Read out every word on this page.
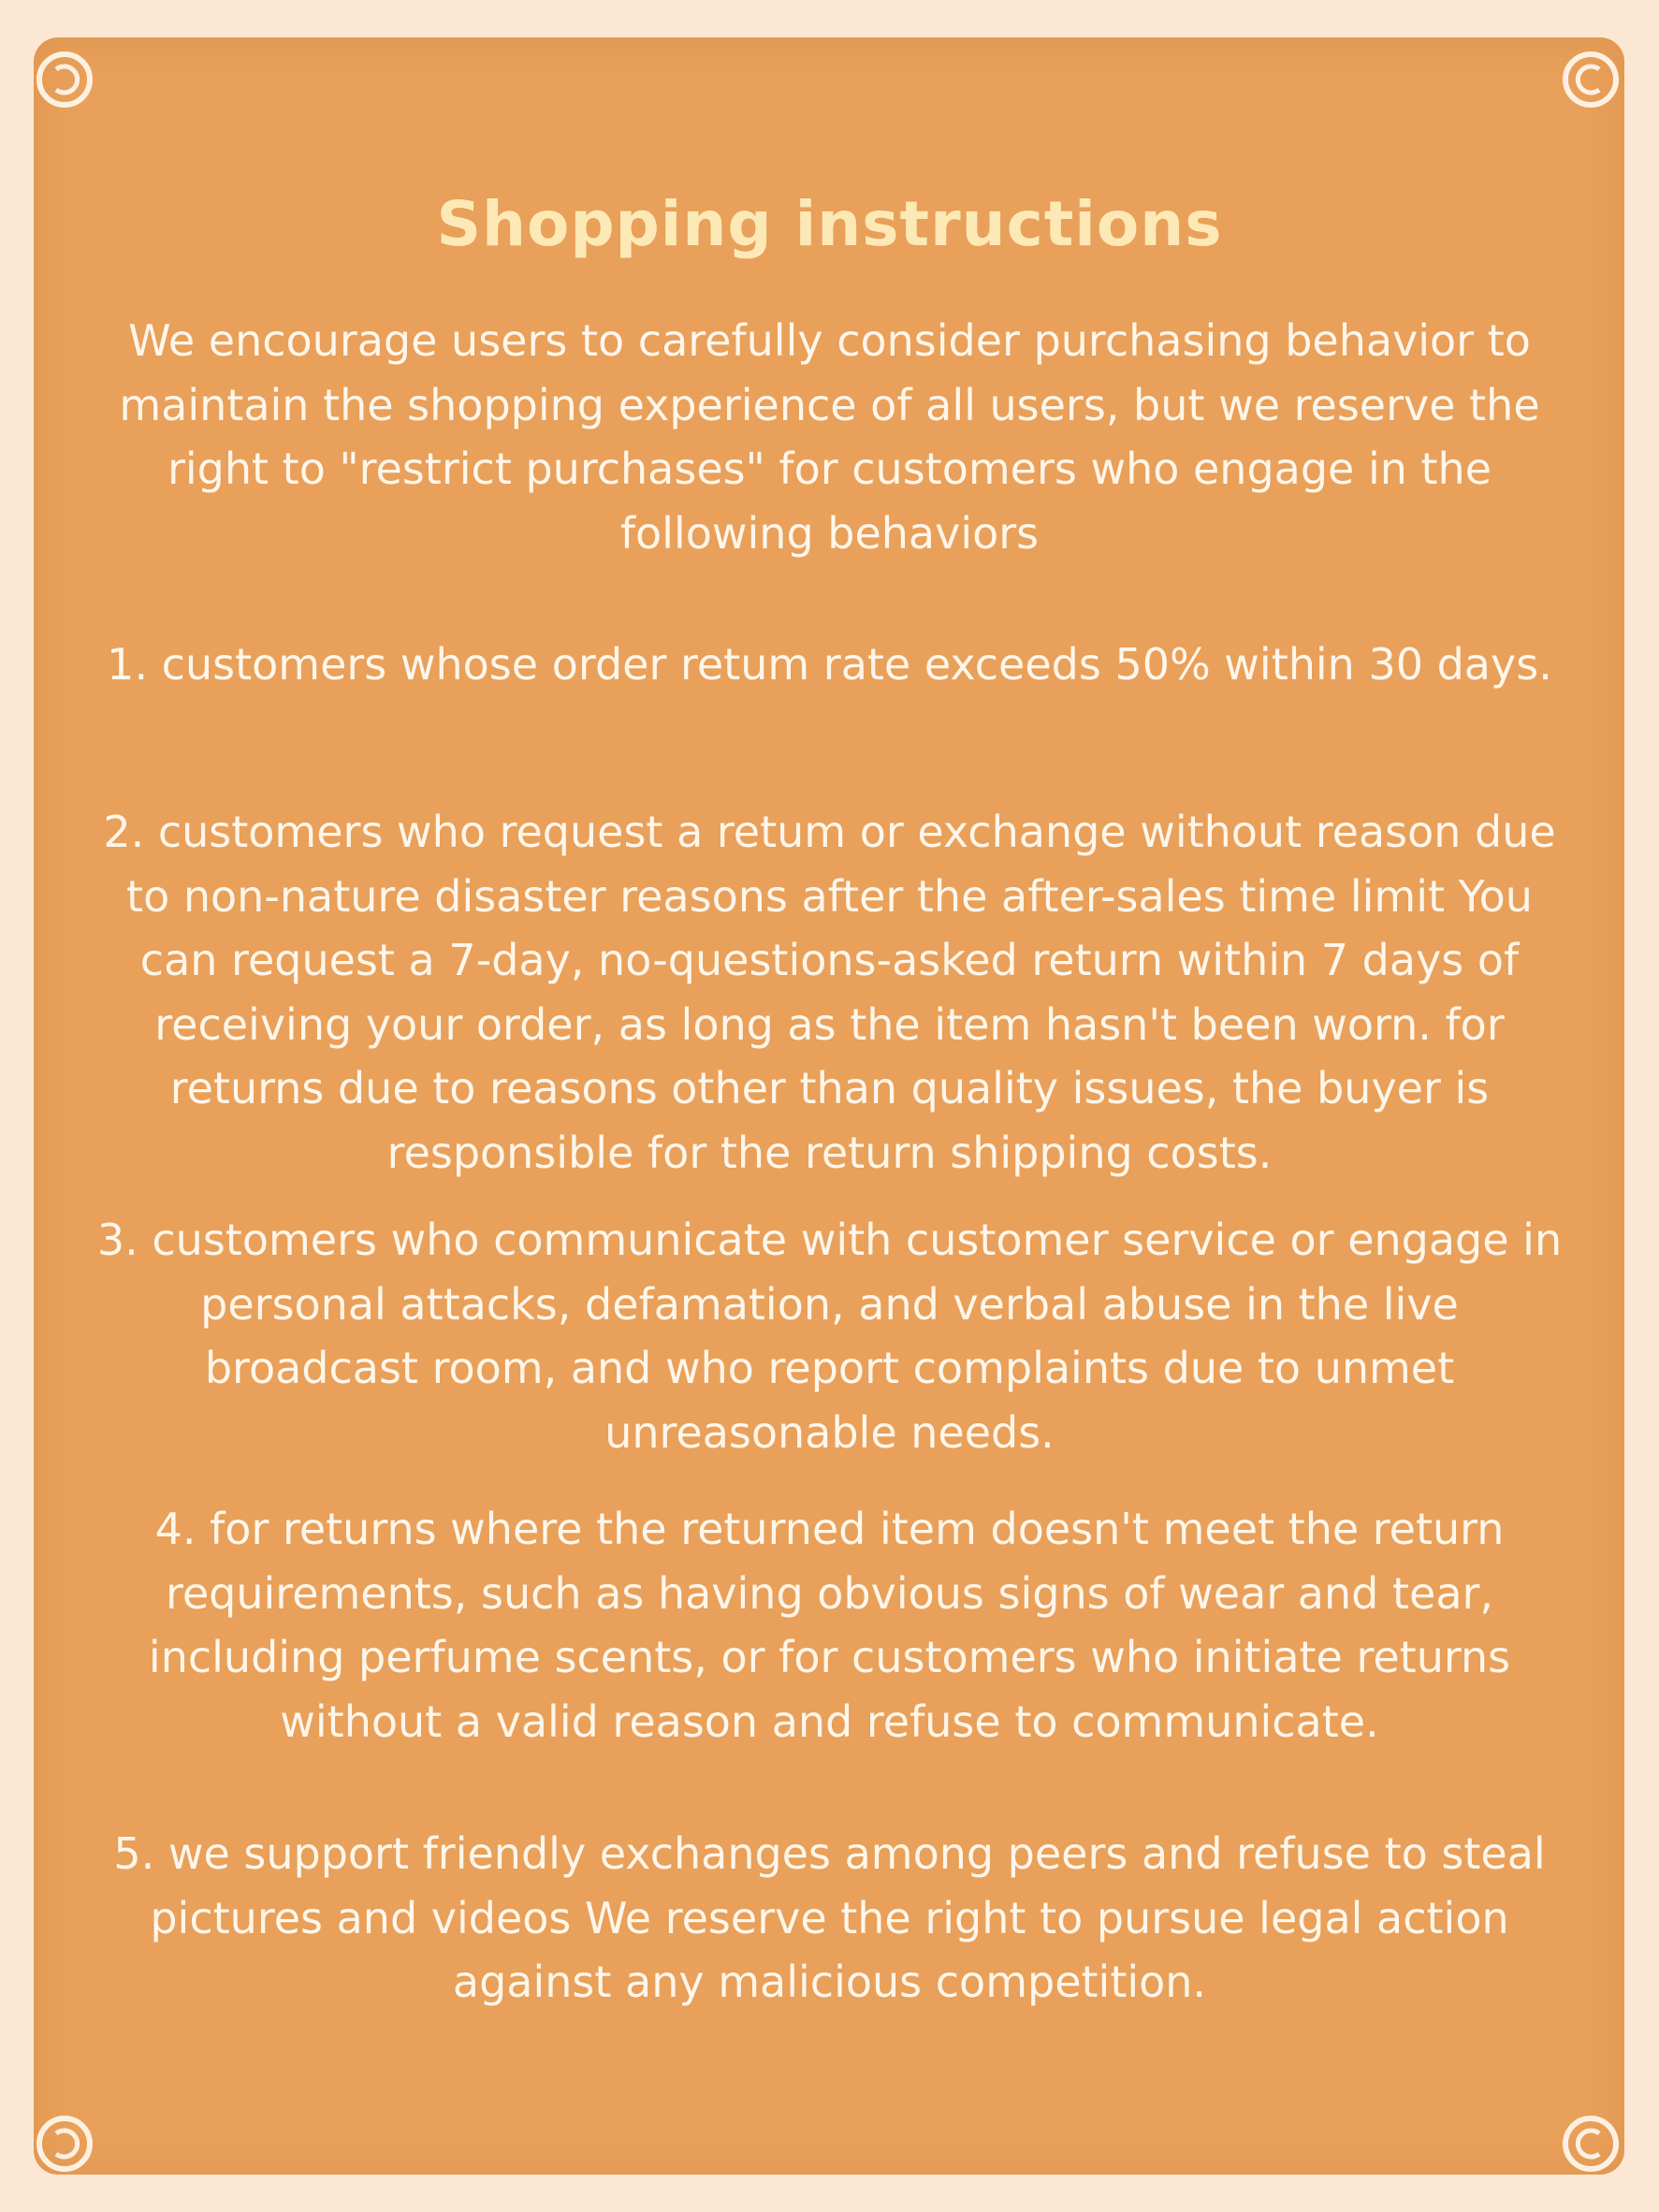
Shopping instructions

We encourage users to carefully consider purchasing behavior to maintain the shopping experience of all users, but we reserve the right to "restrict purchases" for customers who engage in the following behaviors

1. customers whose order retum rate exceeds 50% within 30 days.

2. customers who request a retum or exchange without reason due to non-nature disaster reasons after the after-sales time limit You can request a 7-day, no-questions-asked return within 7 days of receiving your order, as long as the item hasn't been worn. for returns due to reasons other than quality issues, the buyer is responsible for the return shipping costs.

3. customers who communicate with customer service or engage in personal attacks, defamation, and verbal abuse in the live broadcast room, and who report complaints due to unmet unreasonable needs.

4. for returns where the returned item doesn't meet the return requirements, such as having obvious signs of wear and tear, including perfume scents, or for customers who initiate returns without a valid reason and refuse to communicate.

5. we support friendly exchanges among peers and refuse to steal pictures and videos We reserve the right to pursue legal action against any malicious competition.
